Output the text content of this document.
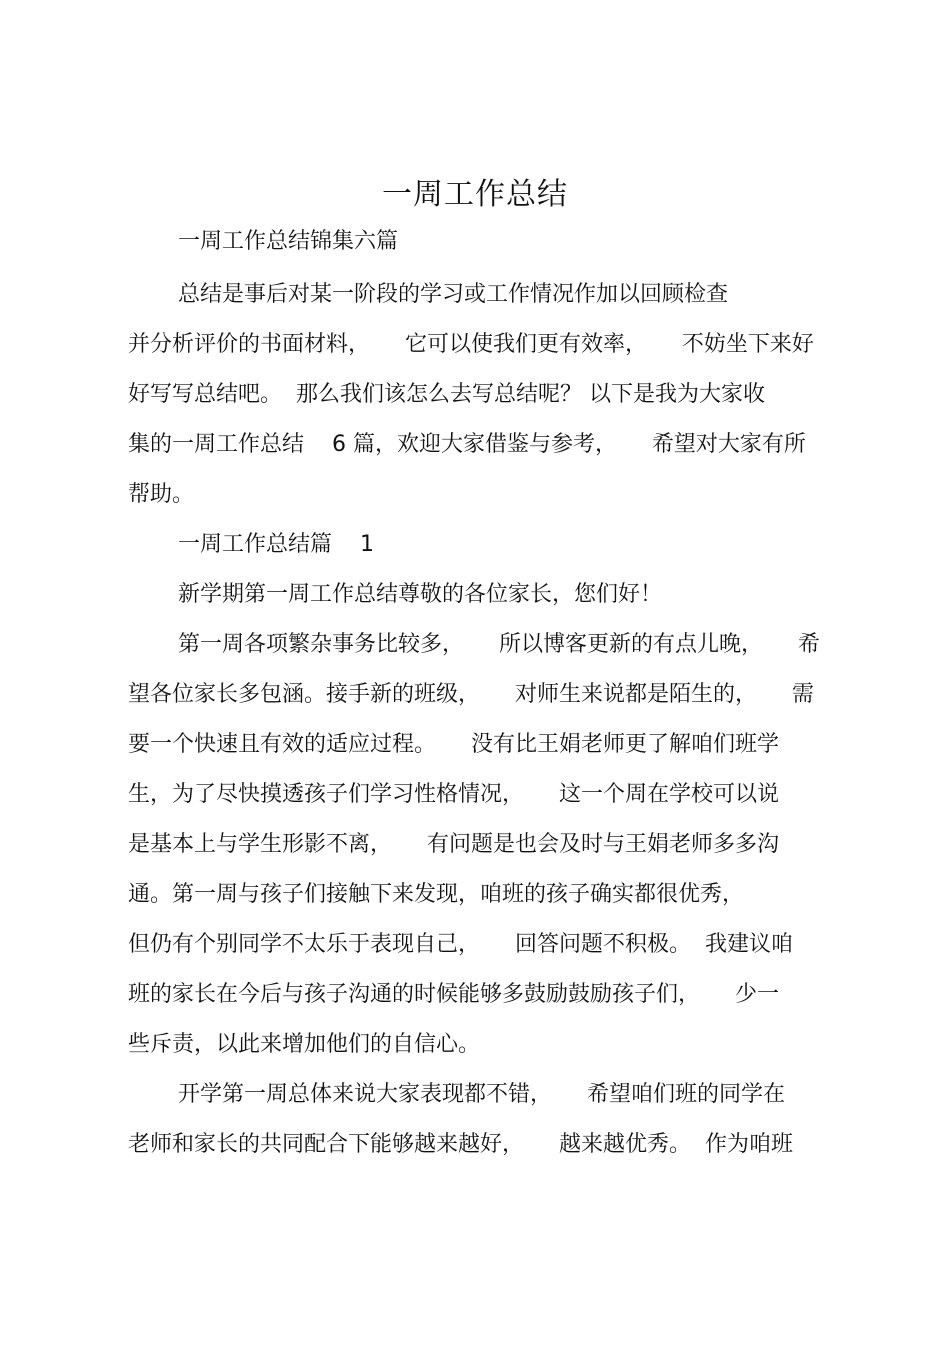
一周工作总结

一周工作总结锦集六篇

总结是事后对某一阶段的学习或工作情况作加以回顾检查

并分析评价的书面材料，     它可以使我们更有效率，     不妨坐下来好

好写写总结吧。  那么我们该怎么去写总结呢？ 以下是我为大家收

集的一周工作总结    6 篇，欢迎大家借鉴与参考，     希望对大家有所

帮助。

一周工作总结篇    1

新学期第一周工作总结尊敬的各位家长，您们好！

第一周各项繁杂事务比较多，     所以博客更新的有点儿晚，     希

望各位家长多包涵。接手新的班级，     对师生来说都是陌生的，     需

要一个快速且有效的适应过程。     没有比王娟老师更了解咱们班学

生，为了尽快摸透孩子们学习性格情况，     这一个周在学校可以说

是基本上与学生形影不离，     有问题是也会及时与王娟老师多多沟

通。第一周与孩子们接触下来发现，咱班的孩子确实都很优秀，

但仍有个别同学不太乐于表现自己，     回答问题不积极。  我建议咱

班的家长在今后与孩子沟通的时候能够多鼓励鼓励孩子们，     少一

些斥责，以此来增加他们的自信心。

开学第一周总体来说大家表现都不错，     希望咱们班的同学在

老师和家长的共同配合下能够越来越好，     越来越优秀。  作为咱班
